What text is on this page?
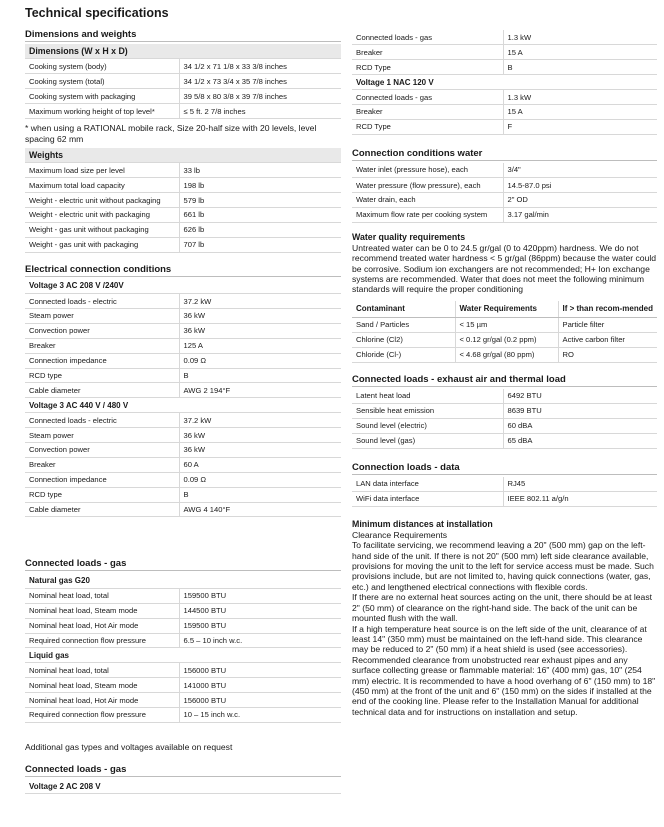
Technical specifications
Dimensions and weights
Dimensions (W x H x D)	
Cooking system (body)	34 1/2 x 71 1/8 x 33 3/8 inches
Cooking system (total)	34 1/2 x 73 3/4 x 35 7/8 inches
Cooking system with packaging	39 5/8 x 80 3/8 x 39 7/8 inches
Maximum working height of top level*	≤ 5 ft. 2 7/8 inches
* when using a RATIONAL mobile rack, Size 20-half size with 20 levels, level spacing 62 mm
Weights	
Maximum load size per level	33 lb
Maximum total load capacity	198 lb
Weight - electric unit without packaging	579 lb
Weight - electric unit with packaging	661 lb
Weight - gas unit without packaging	626 lb
Weight - gas unit with packaging	707 lb
Electrical connection conditions
Voltage 3 AC 208 V /240V	
Connected loads - electric	37.2 kW
Steam power	36 kW
Convection power	36 kW
Breaker	125 A
Connection impedance	0.09 Ω
RCD type	B
Cable diameter	AWG 2 194°F
Voltage 3 AC 440 V / 480 V	
Connected loads - electric	37.2 kW
Steam power	36 kW
Convection power	36 kW
Breaker	60 A
Connection impedance	0.09 Ω
RCD type	B
Cable diameter	AWG 4 140°F
Connected loads - gas
Natural gas G20	
Nominal heat load, total	159500 BTU
Nominal heat load, Steam mode	144500 BTU
Nominal heat load, Hot Air mode	159500 BTU
Required connection flow pressure	6.5 – 10 inch w.c.
Liquid gas	
Nominal heat load, total	156000 BTU
Nominal heat load, Steam mode	141000 BTU
Nominal heat load, Hot Air mode	156000 BTU
Required connection flow pressure	10 – 15 inch w.c.
Additional gas types and voltages available on request
Connected loads - gas
Voltage 2 AC 208 V
Connected loads - gas	1.3 kW
Breaker	15 A
RCD Type	B
Voltage 1 NAC 120 V	
Connected loads - gas	1.3 kW
Breaker	15 A
RCD Type	F
Connection conditions water
Water inlet (pressure hose), each	3/4"
Water pressure (flow pressure), each	14.5-87.0 psi
Water drain, each	2" OD
Maximum flow rate per cooking system	3.17 gal/min
Water quality requirements
Untreated water can be 0 to 24.5 gr/gal (0 to 420ppm) hardness. We do not recommend treated water hardness < 5 gr/gal (86ppm) because the water could be corrosive. Sodium ion exchangers are not recommended; H+ Ion exchange systems are recommended. Water that does not meet the following minimum standards will require the proper conditioning
Contaminant	Water Requirements	If > than recom-mended
Sand / Particles	< 15 µm	Particle filter
Chlorine (Cl2)	< 0.12 gr/gal (0.2 ppm)	Active carbon filter
Chloride (Cl-)	< 4.68 gr/gal (80 ppm)	RO
Connected loads - exhaust air and thermal load
Latent heat load	6492 BTU
Sensible heat emission	8639 BTU
Sound level (electric)	60 dBA
Sound level (gas)	65 dBA
Connection loads - data
LAN data interface	RJ45
WiFi data interface	IEEE 802.11 a/g/n
Minimum distances at installation
Clearance Requirements
To facilitate servicing, we recommend leaving a 20" (500 mm) gap on the left-hand side of the unit. If there is not 20" (500 mm) left side clearance available, provisions for moving the unit to the left for service access must be made. Such provisions include, but are not limited to, having quick connections (water, gas, etc.) and lengthened electrical connections with flexible cords.
If there are no external heat sources acting on the unit, there should be at least 2" (50 mm) of clearance on the right-hand side. The back of the unit can be mounted flush with the wall.
If a high temperature heat source is on the left side of the unit, clearance of at least 14" (350 mm) must be maintained on the left-hand side. This clearance may be reduced to 2" (50 mm) if a heat shield is used (see accessories).
Recommended clearance from unobstructed rear exhaust pipes and any surface collecting grease or flammable material: 16" (400 mm) gas, 10" (254 mm) electric. It is recommended to have a hood overhang of 6" (150 mm) to 18" (450 mm) at the front of the unit and 6" (150 mm) on the sides if installed at the end of the cooking line. Please refer to the Installation Manual for additional technical data and for instructions on installation and setup.
